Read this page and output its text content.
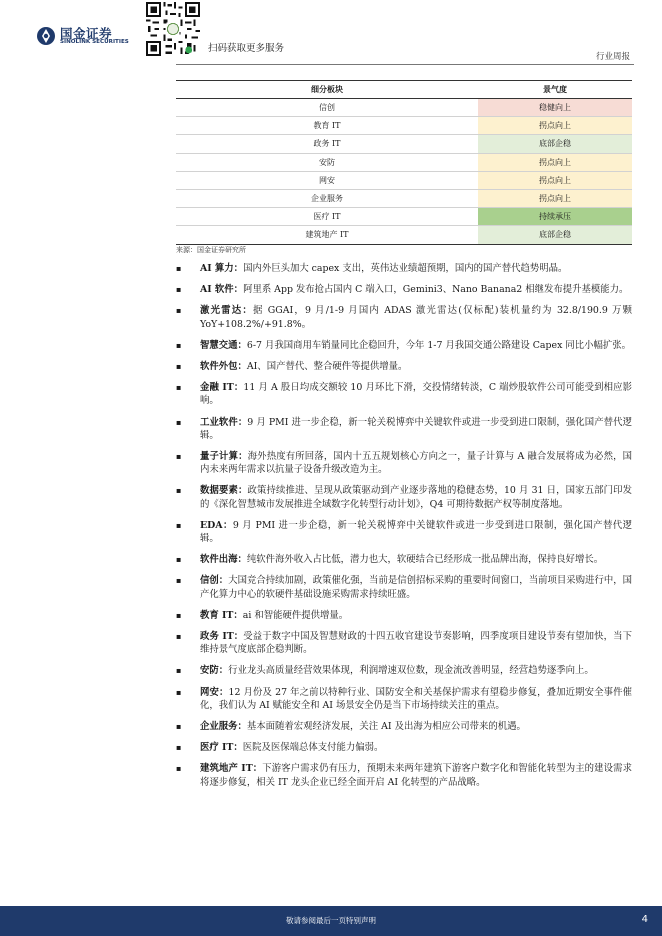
国金证券
SINOLINK SECURITIES
扫码获取更多服务
行业周报
细分板块	景气度
信创	稳健向上
教育 IT	拐点向上
政务 IT	底部企稳
安防	拐点向上
网安	拐点向上
企业服务	拐点向上
医疗 IT	持续承压
建筑地产 IT	底部企稳
来源：国金证券研究所
▪ AI 算力：国内外巨头加大 capex 支出，英伟达业绩超预期，国内的国产替代趋势明晶。
▪ AI 软件：阿里系 App 发布抢占国内 C 端入口，Gemini3、Nano Banana2 相继发布提升基模能力。
▪ 激光雷达：据 GGAI，9 月/1-9 月国内 ADAS 激光雷达(仅标配)装机量约为 32.8/190.9 万颗 YoY+108.2%/+91.8%。
▪ 智慧交通：6-7 月我国商用车销量同比企稳回升，今年 1-7 月我国交通公路建设 Capex 同比小幅扩张。
▪ 软件外包：AI、国产替代、整合硬件等提供增量。
▪ 金融 IT：11 月 A 股日均成交额较 10 月环比下滑，交投情绪转淡，C 端炒股软件公司可能受到相应影响。
▪ 工业软件：9 月 PMI 进一步企稳，新一轮关税博弈中关键软件或进一步受到进口限制，强化国产替代逻辑。
▪ 量子计算：海外热度有所回落，国内十五五规划核心方向之一，量子计算与 A 融合发展将成为必然，国内未来两年需求以抗量子设备升级改造为主。
▪ 数据要素：政策持续推进、呈现从政策驱动到产业逐步落地的稳健态势，10 月 31 日，国家五部门印发的《深化智慧城市发展推进全域数字化转型行动计划》，Q4 可期待数据产权等制度落地。
▪ EDA：9 月 PMI 进一步企稳，新一轮关税博弈中关键软件或进一步受到进口限制，强化国产替代逻辑。
▪ 软件出海：纯软件海外收入占比低，潜力也大，软硬结合已经形成一批品牌出海，保持良好增长。
▪ 信创：大国竞合持续加剧，政策催化强，当前是信创招标采购的重要时间窗口，当前项目采购进行中，国产化算力中心的软硬件基础设施采购需求持续旺盛。
▪ 教育 IT：ai 和智能硬件提供增量。
▪ 政务 IT：受益于数字中国及智慧财政的十四五收官建设节奏影响，四季度项目建设节奏有望加快，当下维持景气度底部企稳判断。
▪ 安防：行业龙头高质量经营效果体现，利润增速双位数，现金流改善明显，经营趋势逐季向上。
▪ 网安：12 月份及 27 年之前以特种行业、国防安全和关基保护需求有望稳步修复，叠加近期安全事件催化，我们认为 AI 赋能安全和 AI 场景安全仍是当下市场持续关注的重点。
▪ 企业服务：基本面随着宏观经济发展，关注 AI 及出海为相应公司带来的机遇。
▪ 医疗 IT：医院及医保端总体支付能力偏弱。
▪ 建筑地产 IT：下游客户需求仍有压力，预期未来两年建筑下游客户数字化和智能化转型为主的建设需求将逐步修复，相关 IT 龙头企业已经全面开启 AI 化转型的产品战略。
敬请参阅最后一页特别声明	4
